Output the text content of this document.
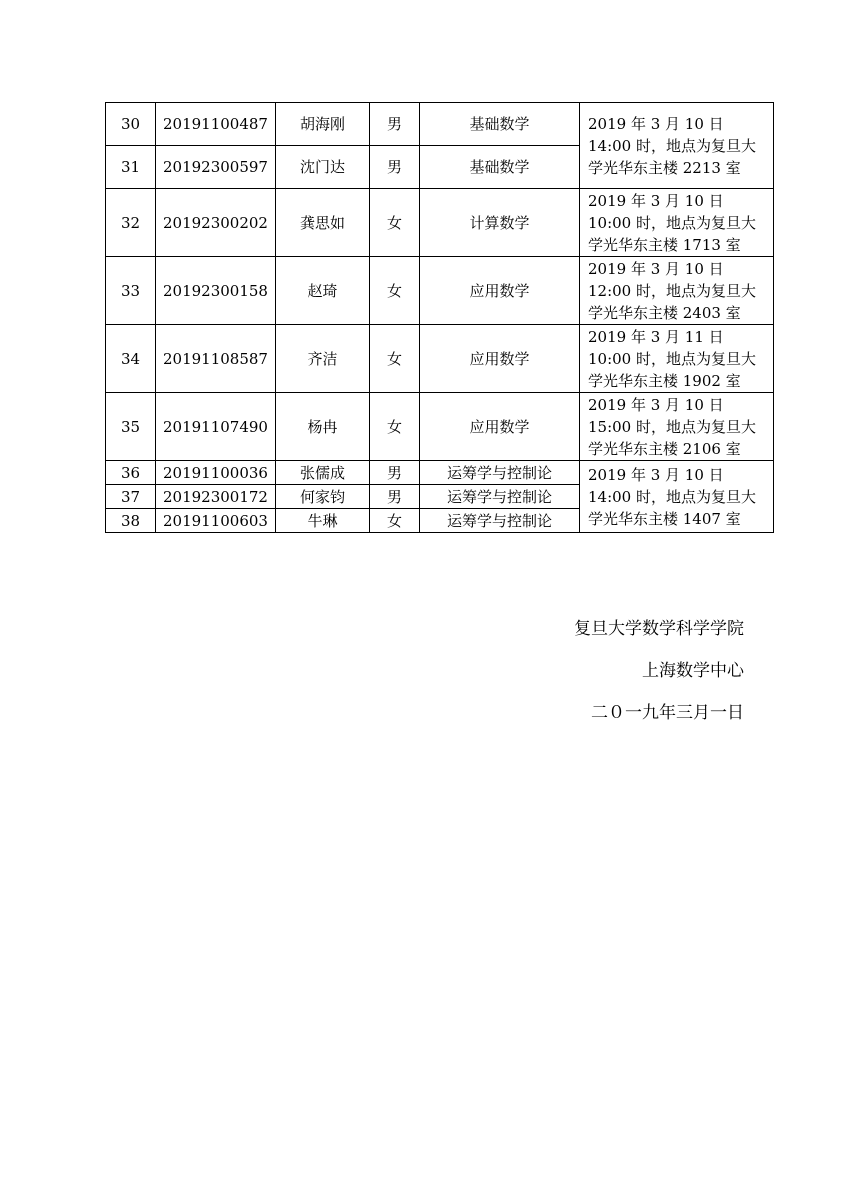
30	20191100487	胡海刚	男	基础数学	2019 年 3 月 10 日 14:00 时，地点为复旦大学光华东主楼 2213 室
31	20192300597	沈门达	男	基础数学	
32	20192300202	龚思如	女	计算数学	2019 年 3 月 10 日 10:00 时，地点为复旦大学光华东主楼 1713 室
33	20192300158	赵琦	女	应用数学	2019 年 3 月 10 日 12:00 时，地点为复旦大学光华东主楼 2403 室
34	20191108587	齐洁	女	应用数学	2019 年 3 月 11 日 10:00 时，地点为复旦大学光华东主楼 1902 室
35	20191107490	杨冉	女	应用数学	2019 年 3 月 10 日 15:00 时，地点为复旦大学光华东主楼 2106 室
36	20191100036	张儒成	男	运筹学与控制论	2019 年 3 月 10 日 14:00 时，地点为复旦大学光华东主楼 1407 室
37	20192300172	何家钧	男	运筹学与控制论	
38	20191100603	牛琳	女	运筹学与控制论	
复旦大学数学科学学院
上海数学中心
二０一九年三月一日
